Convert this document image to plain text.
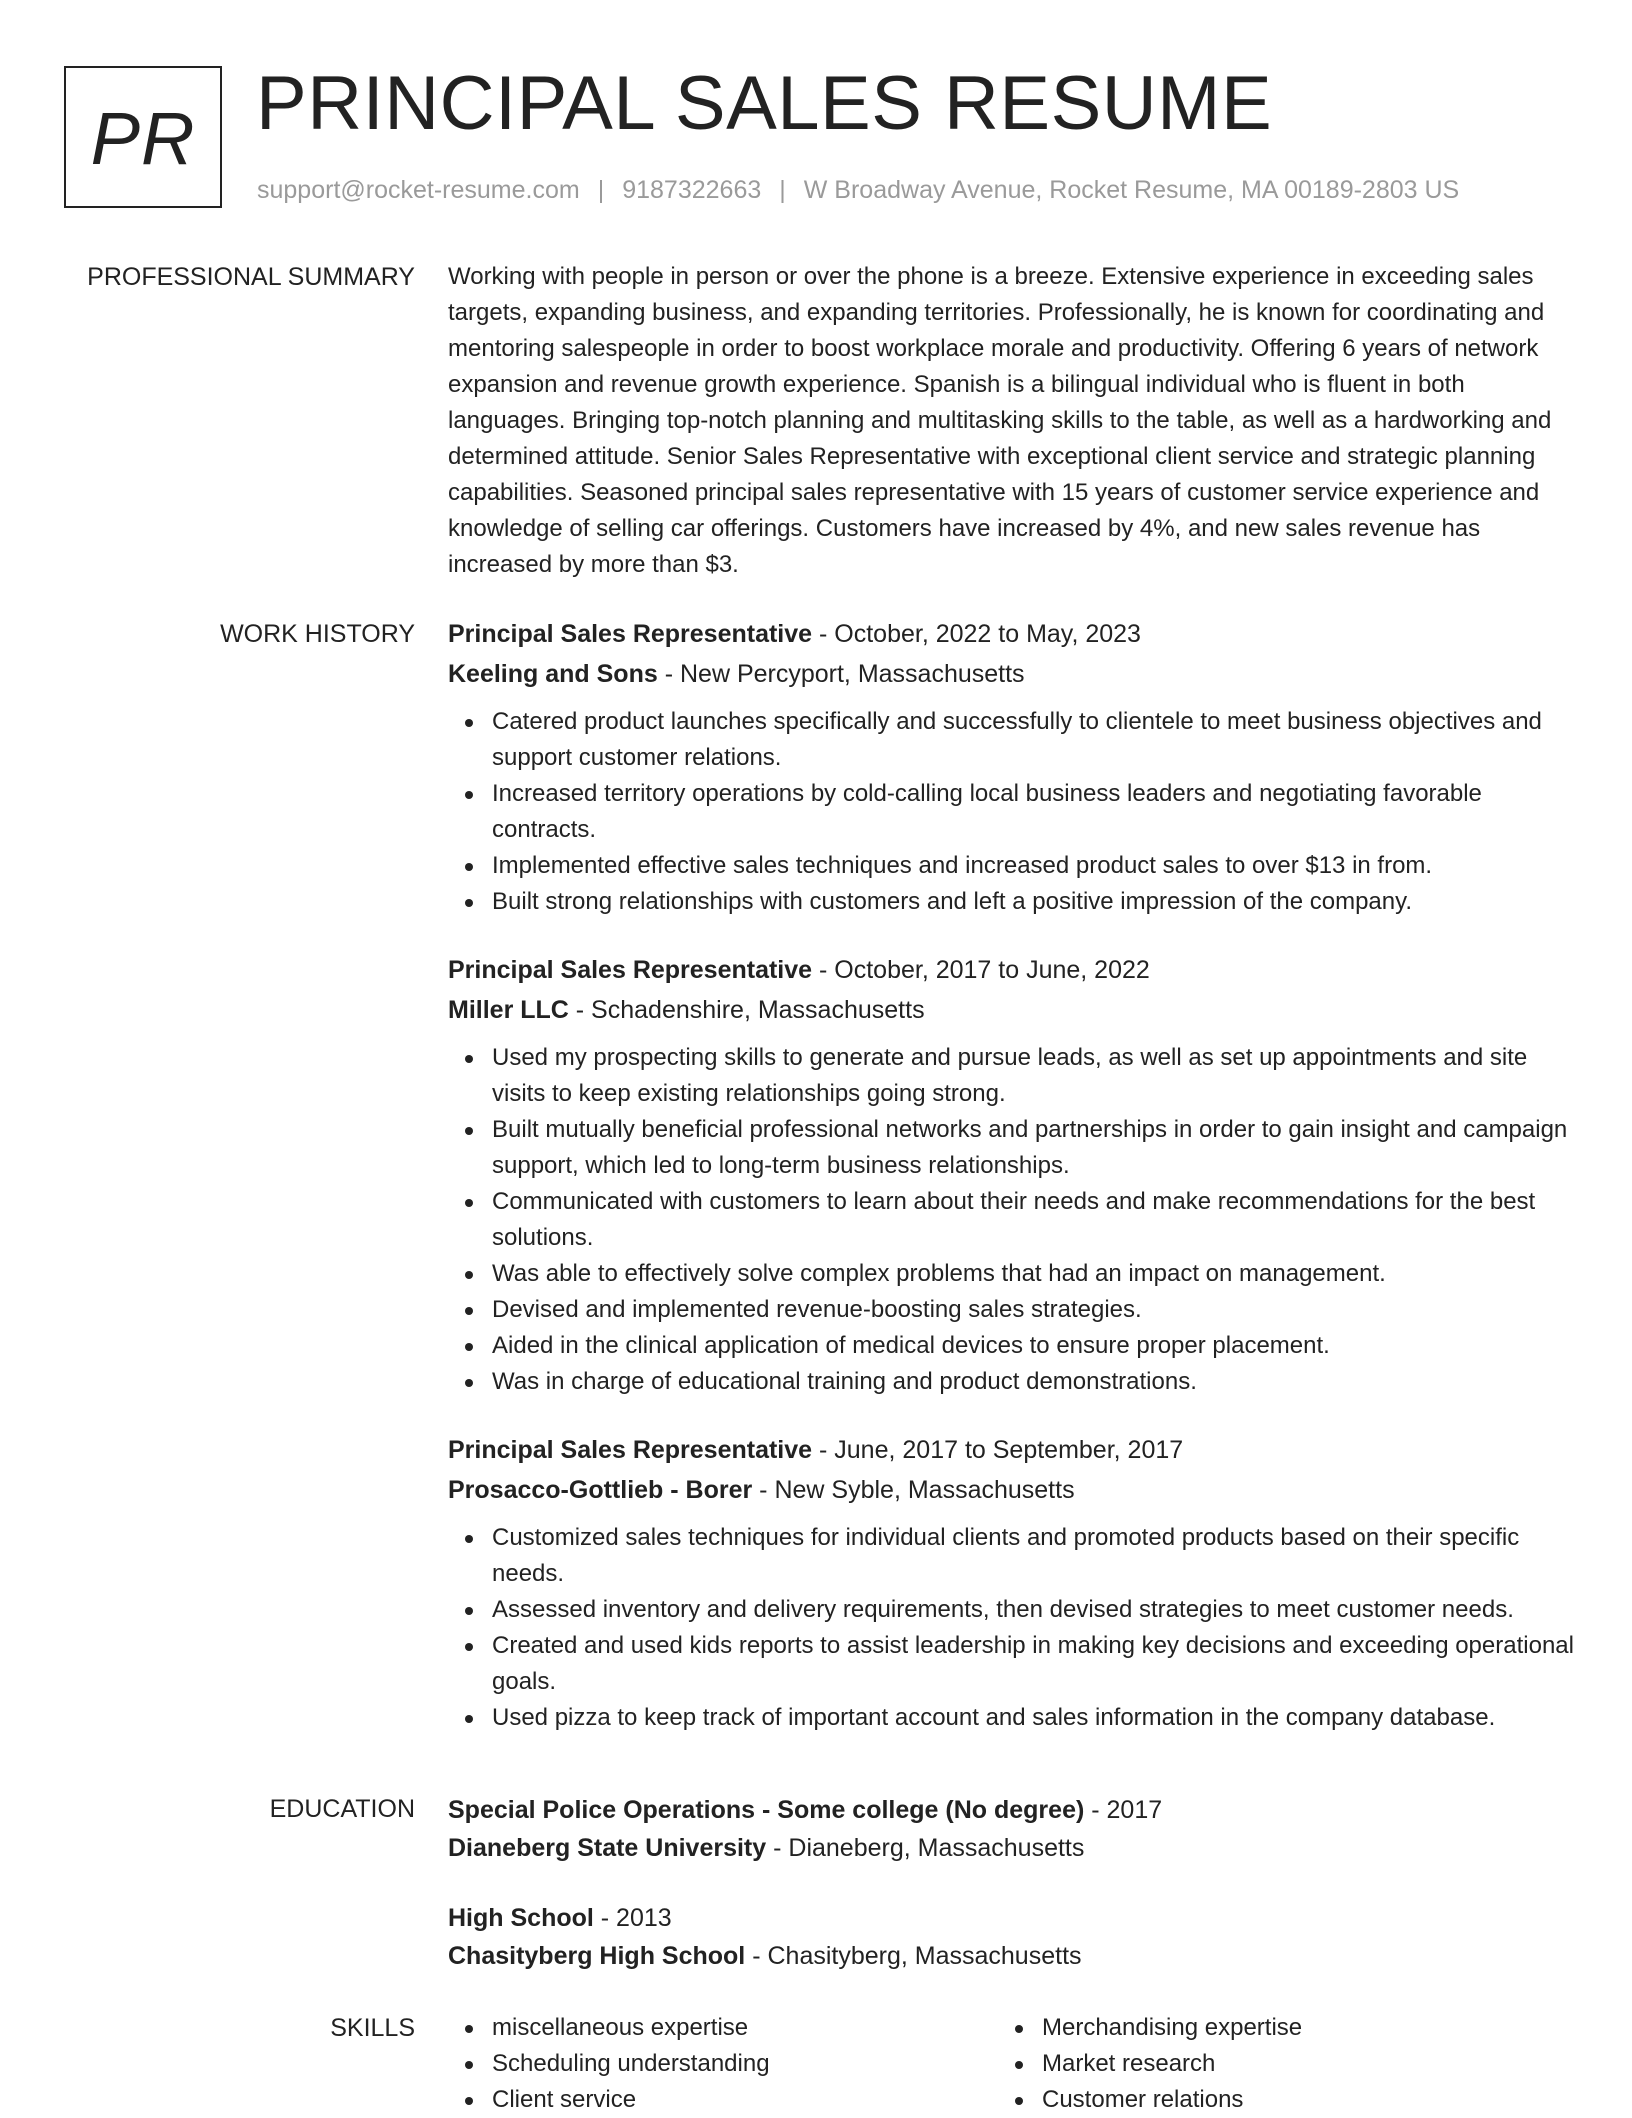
PR PRINCIPAL SALES RESUME
support@rocket-resume.com | 9187322663 | W Broadway Avenue, Rocket Resume, MA 00189-2803 US
PROFESSIONAL SUMMARY Working with people in person or over the phone is a breeze. Extensive experience in exceeding sales targets, expanding business, and expanding territories. Professionally, he is known for coordinating and mentoring salespeople in order to boost workplace morale and productivity. Offering 6 years of network expansion and revenue growth experience. Spanish is a bilingual individual who is fluent in both languages. Bringing top-notch planning and multitasking skills to the table, as well as a hardworking and determined attitude. Senior Sales Representative with exceptional client service and strategic planning capabilities. Seasoned principal sales representative with 15 years of customer service experience and knowledge of selling car offerings. Customers have increased by 4%, and new sales revenue has increased by more than $3.

WORK HISTORY Principal Sales Representative - October, 2022 to May, 2023
Keeling and Sons - New Percyport, Massachusetts
Catered product launches specifically and successfully to clientele to meet business objectives and support customer relations.
Increased territory operations by cold-calling local business leaders and negotiating favorable contracts.
Implemented effective sales techniques and increased product sales to over $13 in from.
Built strong relationships with customers and left a positive impression of the company.
Principal Sales Representative - October, 2017 to June, 2022
Miller LLC - Schadenshire, Massachusetts
Used my prospecting skills to generate and pursue leads, as well as set up appointments and site visits to keep existing relationships going strong.
Built mutually beneficial professional networks and partnerships in order to gain insight and campaign support, which led to long-term business relationships.
Communicated with customers to learn about their needs and make recommendations for the best solutions.
Was able to effectively solve complex problems that had an impact on management.
Devised and implemented revenue-boosting sales strategies.
Aided in the clinical application of medical devices to ensure proper placement.
Was in charge of educational training and product demonstrations.
Principal Sales Representative - June, 2017 to September, 2017
Prosacco-Gottlieb - Borer - New Syble, Massachusetts
Customized sales techniques for individual clients and promoted products based on their specific needs.
Assessed inventory and delivery requirements, then devised strategies to meet customer needs.
Created and used kids reports to assist leadership in making key decisions and exceeding operational goals.
Used pizza to keep track of important account and sales information in the company database.
EDUCATION Special Police Operations - Some college (No degree) - 2017
Dianeberg State University - Dianeberg, Massachusetts
High School - 2013
Chasityberg High School - Chasityberg, Massachusetts
SKILLS	miscellaneous expertise
Scheduling understanding
Client service
Merchandising expertise
Market research
Customer relations
